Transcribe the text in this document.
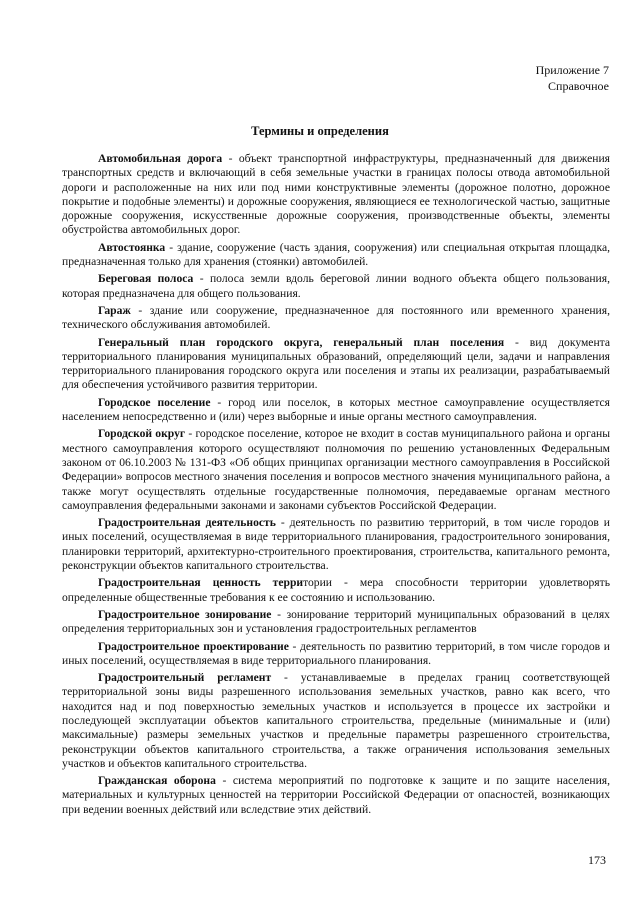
Приложение 7
Справочное
Термины и определения

Автомобильная дорога - объект транспортной инфраструктуры, предназначенный для движения транспортных средств и включающий в себя земельные участки в границах полосы отвода автомобильной дороги и расположенные на них или под ними конструктивные элементы (дорожное полотно, дорожное покрытие и подобные элементы) и дорожные сооружения, являющиеся ее технологической частью, защитные дорожные сооружения, искусственные дорожные сооружения, производственные объекты, элементы обустройства автомобильных дорог.

Автостоянка - здание, сооружение (часть здания, сооружения) или специальная открытая площадка, предназначенная только для хранения (стоянки) автомобилей.

Береговая полоса - полоса земли вдоль береговой линии водного объекта общего пользования, которая предназначена для общего пользования.

Гараж - здание или сооружение, предназначенное для постоянного или временного хранения, технического обслуживания автомобилей.

Генеральный план городского округа, генеральный план поселения - вид документа территориального планирования муниципальных образований, определяющий цели, задачи и направления территориального планирования городского округа или поселения и этапы их реализации, разрабатываемый для обеспечения устойчивого развития территории.

Городское поселение - город или поселок, в которых местное самоуправление осуществляется населением непосредственно и (или) через выборные и иные органы местного самоуправления.

Городской округ - городское поселение, которое не входит в состав муниципального района и органы местного самоуправления которого осуществляют полномочия по решению установленных Федеральным законом от 06.10.2003 № 131-ФЗ «Об общих принципах организации местного самоуправления в Российской Федерации» вопросов местного значения поселения и вопросов местного значения муниципального района, а также могут осуществлять отдельные государственные полномочия, передаваемые органам местного самоуправления федеральными законами и законами субъектов Российской Федерации.

Градостроительная деятельность - деятельность по развитию территорий, в том числе городов и иных поселений, осуществляемая в виде территориального планирования, градостроительного зонирования, планировки территорий, архитектурно-строительного проектирования, строительства, капитального ремонта, реконструкции объектов капитального строительства.

Градостроительная ценность территории - мера способности территории удовлетворять определенные общественные требования к ее состоянию и использованию.

Градостроительное зонирование - зонирование территорий муниципальных образований в целях определения территориальных зон и установления градостроительных регламентов

Градостроительное проектирование - деятельность по развитию территорий, в том числе городов и иных поселений, осуществляемая в виде территориального планирования.

Градостроительный регламент - устанавливаемые в пределах границ соответствующей территориальной зоны виды разрешенного использования земельных участков, равно как всего, что находится над и под поверхностью земельных участков и используется в процессе их застройки и последующей эксплуатации объектов капитального строительства, предельные (минимальные и (или) максимальные) размеры земельных участков и предельные параметры разрешенного строительства, реконструкции объектов капитального строительства, а также ограничения использования земельных участков и объектов капитального строительства.

Гражданская оборона - система мероприятий по подготовке к защите и по защите населения, материальных и культурных ценностей на территории Российской Федерации от опасностей, возникающих при ведении военных действий или вследствие этих действий.

173
